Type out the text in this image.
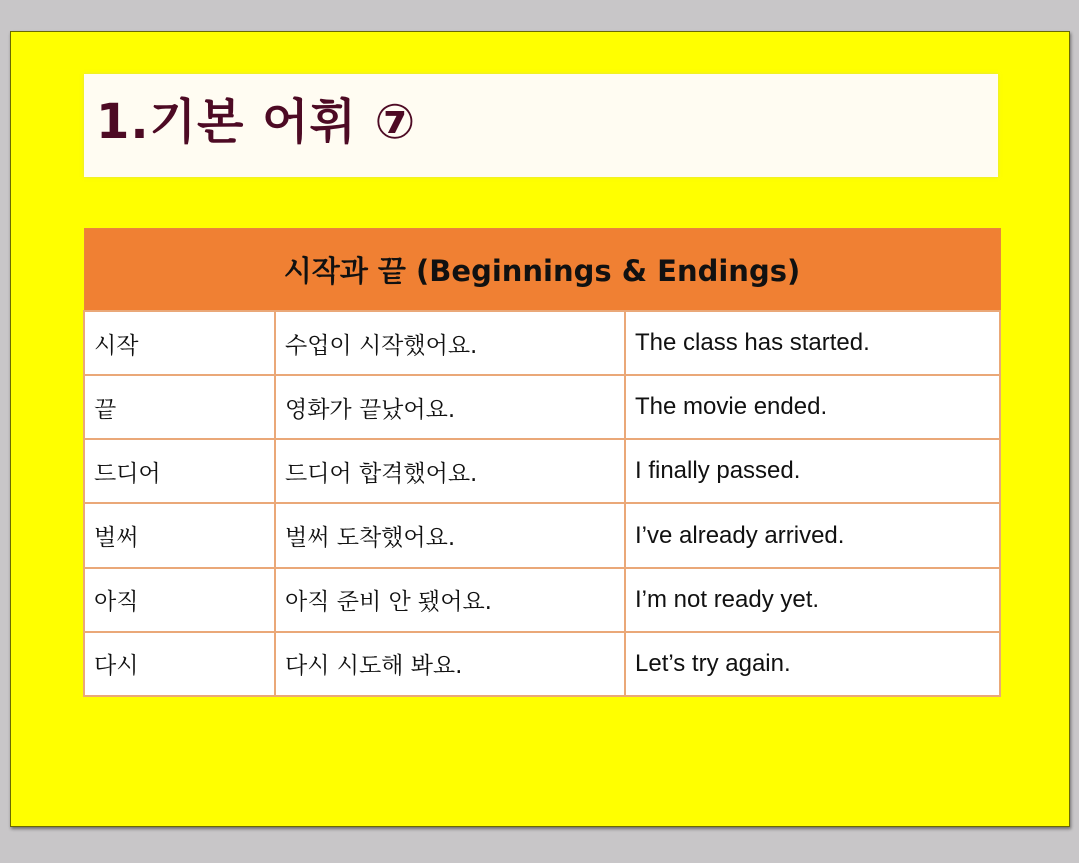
1.기본 어휘 ⑦
시작과 끝 (Beginnings & Endings)		
시작	수업이 시작했어요.	The class has started.
끝	영화가 끝났어요.	The movie ended.
드디어	드디어 합격했어요.	I finally passed.
벌써	벌써 도착했어요.	I’ve already arrived.
아직	아직 준비 안 됐어요.	I’m not ready yet.
다시	다시 시도해 봐요.	Let’s try again.
